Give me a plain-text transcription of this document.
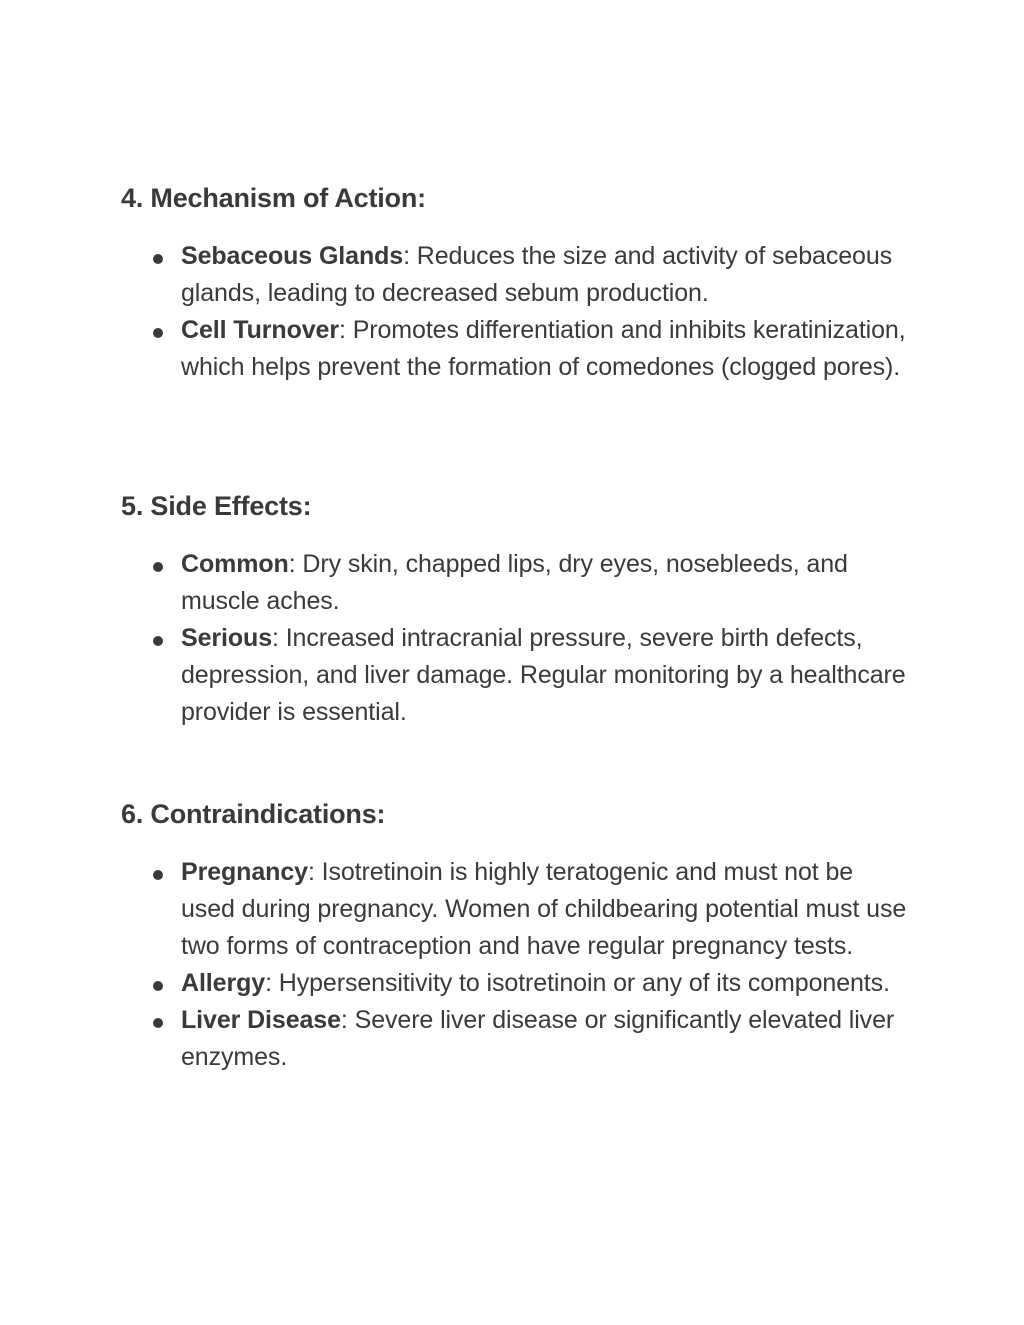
4. Mechanism of Action:
Sebaceous Glands: Reduces the size and activity of sebaceous glands, leading to decreased sebum production.
Cell Turnover: Promotes differentiation and inhibits keratinization, which helps prevent the formation of comedones (clogged pores).
5. Side Effects:
Common: Dry skin, chapped lips, dry eyes, nosebleeds, and muscle aches.
Serious: Increased intracranial pressure, severe birth defects, depression, and liver damage. Regular monitoring by a healthcare provider is essential.
6. Contraindications:
Pregnancy: Isotretinoin is highly teratogenic and must not be used during pregnancy. Women of childbearing potential must use two forms of contraception and have regular pregnancy tests.
Allergy: Hypersensitivity to isotretinoin or any of its components.
Liver Disease: Severe liver disease or significantly elevated liver enzymes.
